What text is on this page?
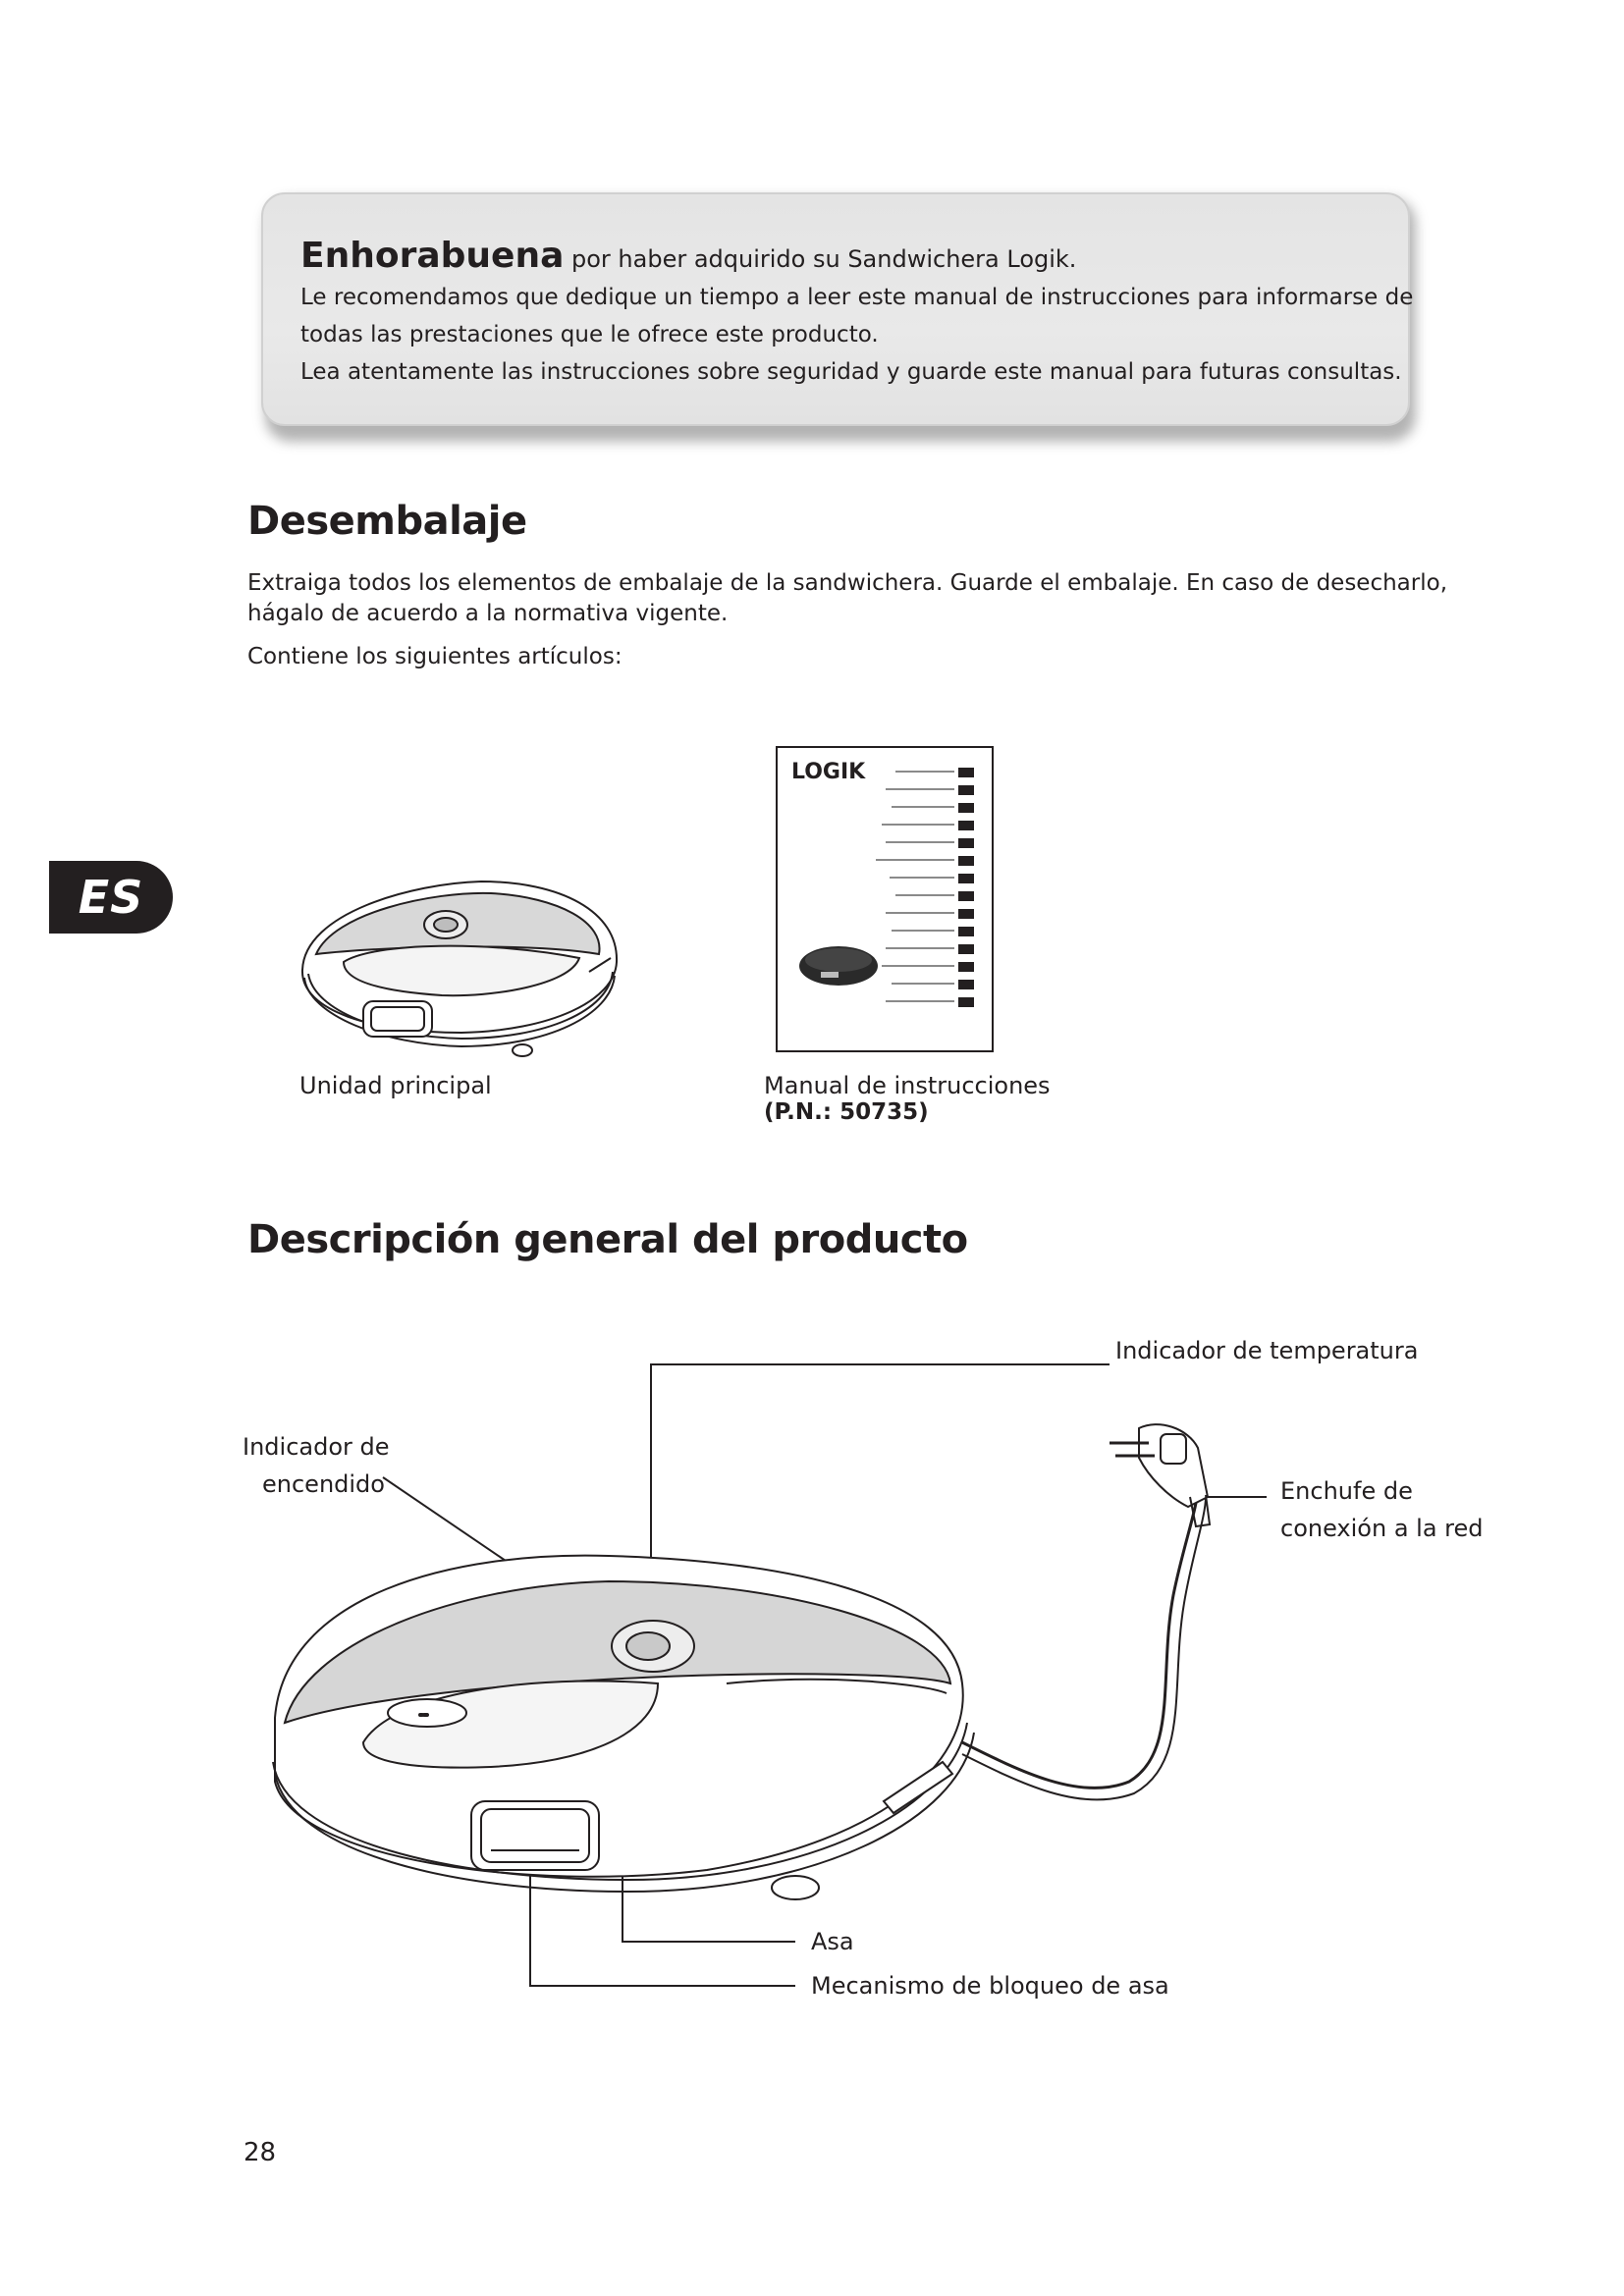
Enhorabuena por haber adquirido su Sandwichera Logik.
Le recomendamos que dedique un tiempo a leer este manual de instrucciones para informarse de
todas las prestaciones que le ofrece este producto.
Lea atentamente las instrucciones sobre seguridad y guarde este manual para futuras consultas.
Desembalaje
Extraiga todos los elementos de embalaje de la sandwichera. Guarde el embalaje. En caso de desecharlo,
hágalo de acuerdo a la normativa vigente.
Contiene los siguientes artículos:
ES
Unidad principal
LOGIK
Manual de instrucciones
(P.N.: 50735)
Descripción general del producto
Indicador de temperatura
Indicador de
encendido	Enchufe de
conexión a la red
Asa
Mecanismo de bloqueo de asa
28
